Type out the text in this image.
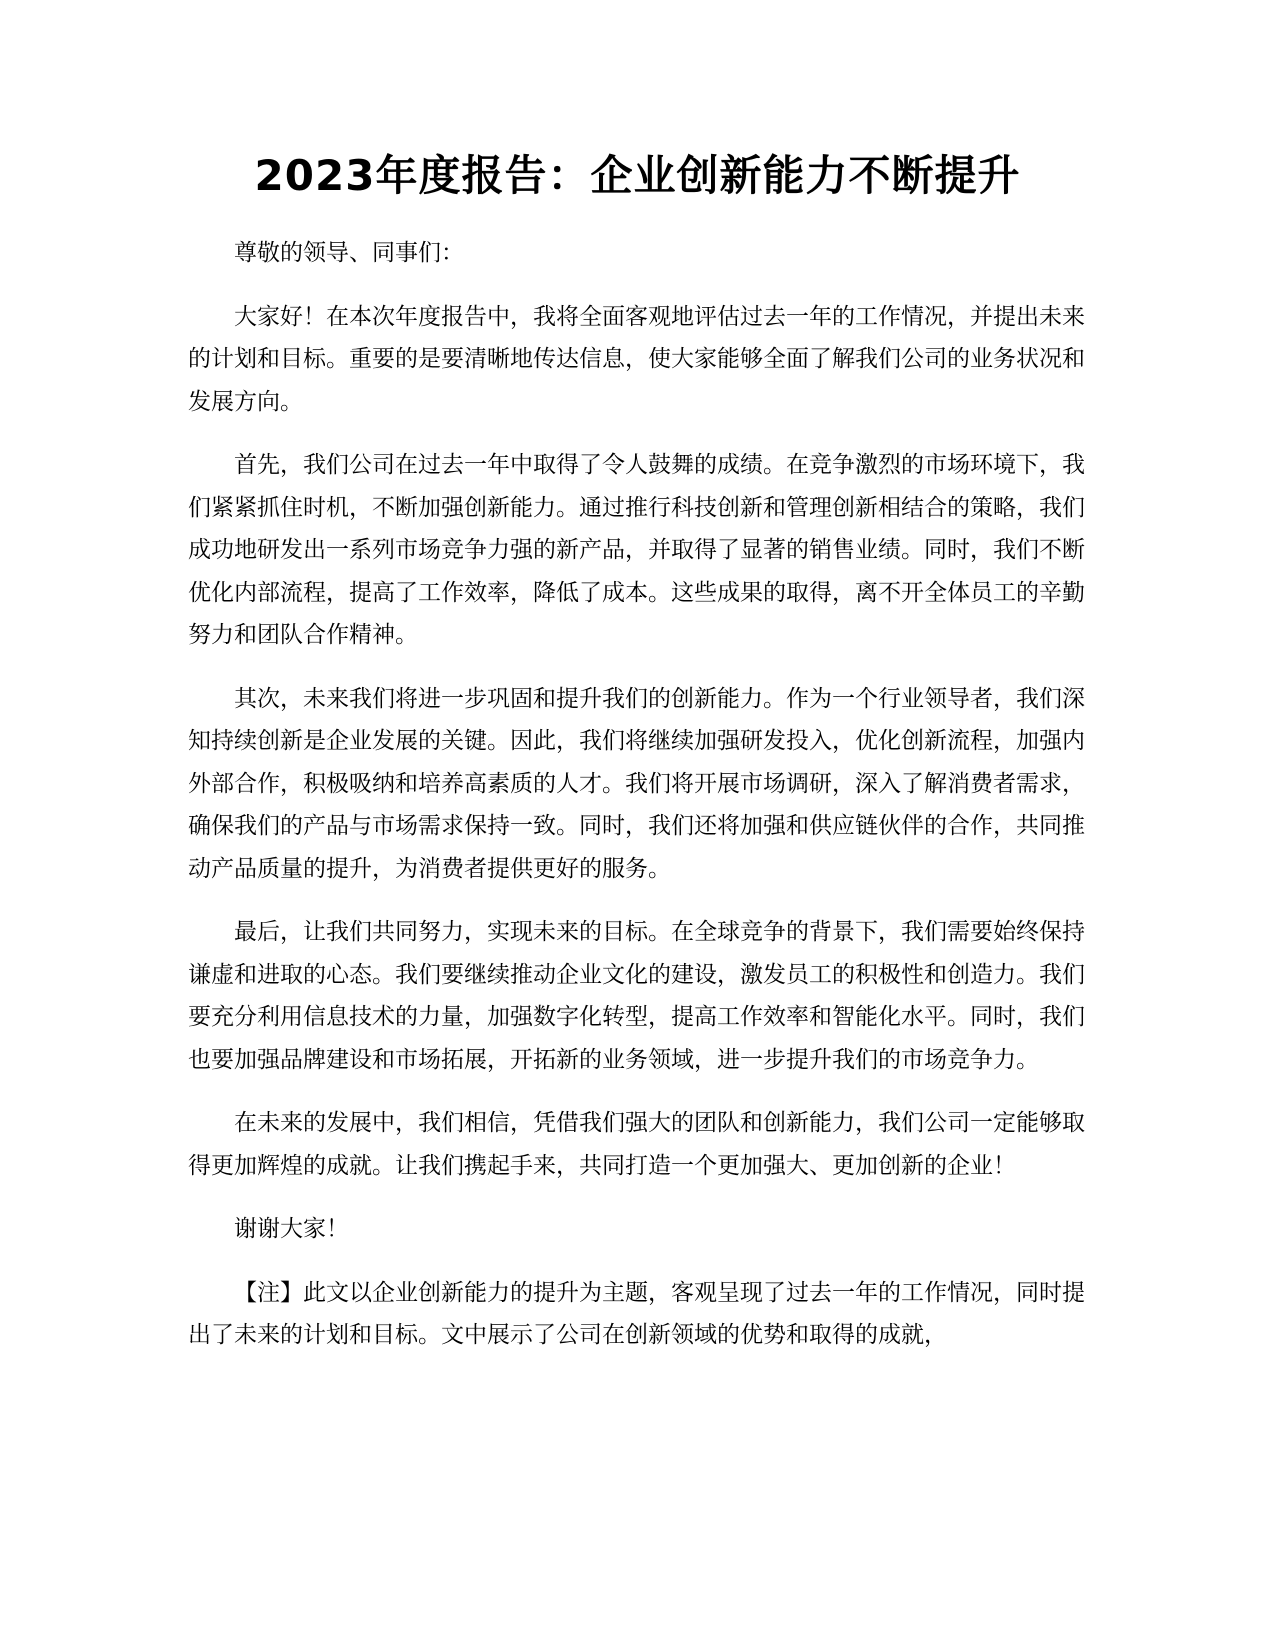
2023年度报告：企业创新能力不断提升

尊敬的领导、同事们：

大家好！在本次年度报告中，我将全面客观地评估过去一年的工作情况，并提出未来的计划和目标。重要的是要清晰地传达信息，使大家能够全面了解我们公司的业务状况和发展方向。

首先，我们公司在过去一年中取得了令人鼓舞的成绩。在竞争激烈的市场环境下，我们紧紧抓住时机，不断加强创新能力。通过推行科技创新和管理创新相结合的策略，我们成功地研发出一系列市场竞争力强的新产品，并取得了显著的销售业绩。同时，我们不断优化内部流程，提高了工作效率，降低了成本。这些成果的取得，离不开全体员工的辛勤努力和团队合作精神。

其次，未来我们将进一步巩固和提升我们的创新能力。作为一个行业领导者，我们深知持续创新是企业发展的关键。因此，我们将继续加强研发投入，优化创新流程，加强内外部合作，积极吸纳和培养高素质的人才。我们将开展市场调研，深入了解消费者需求，确保我们的产品与市场需求保持一致。同时，我们还将加强和供应链伙伴的合作，共同推动产品质量的提升，为消费者提供更好的服务。

最后，让我们共同努力，实现未来的目标。在全球竞争的背景下，我们需要始终保持谦虚和进取的心态。我们要继续推动企业文化的建设，激发员工的积极性和创造力。我们要充分利用信息技术的力量，加强数字化转型，提高工作效率和智能化水平。同时，我们也要加强品牌建设和市场拓展，开拓新的业务领域，进一步提升我们的市场竞争力。

在未来的发展中，我们相信，凭借我们强大的团队和创新能力，我们公司一定能够取得更加辉煌的成就。让我们携起手来，共同打造一个更加强大、更加创新的企业！

谢谢大家！

【注】此文以企业创新能力的提升为主题，客观呈现了过去一年的工作情况，同时提出了未来的计划和目标。文中展示了公司在创新领域的优势和取得的成就，
